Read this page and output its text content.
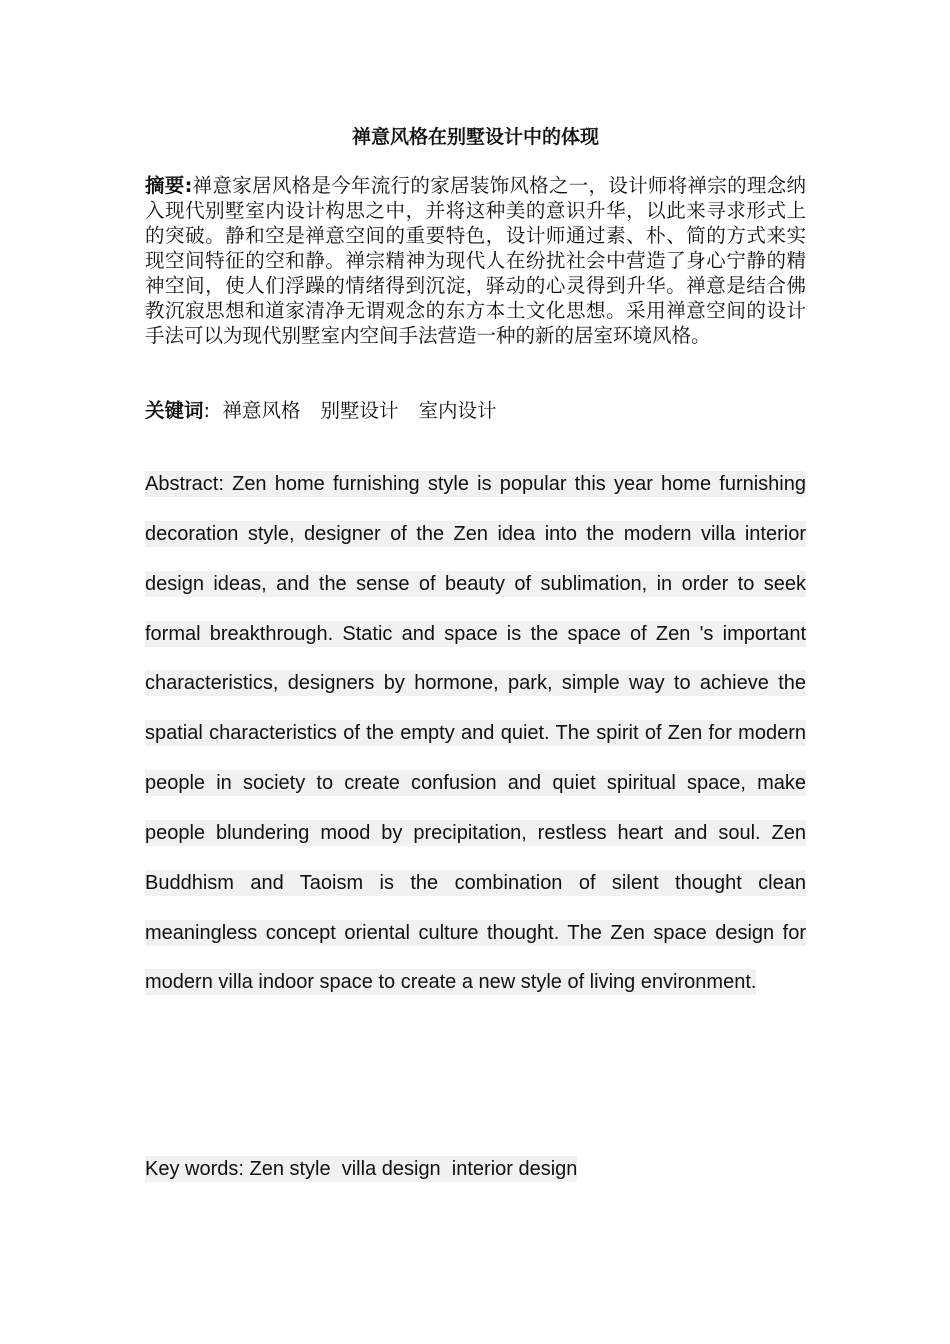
禅意风格在别墅设计中的体现
摘要:禅意家居风格是今年流行的家居装饰风格之一，设计师将禅宗的理念纳入现代别墅室内设计构思之中，并将这种美的意识升华，以此来寻求形式上的突破。静和空是禅意空间的重要特色，设计师通过素、朴、简的方式来实现空间特征的空和静。禅宗精神为现代人在纷扰社会中营造了身心宁静的精神空间，使人们浮躁的情绪得到沉淀，驿动的心灵得到升华。禅意是结合佛教沉寂思想和道家清净无谓观念的东方本土文化思想。采用禅意空间的设计手法可以为现代别墅室内空间手法营造一种的新的居室环境风格。
关键词: 禅意风格 别墅设计 室内设计
Abstract: Zen home furnishing style is popular this year home furnishing decoration style, designer of the Zen idea into the modern villa interior design ideas, and the sense of beauty of sublimation, in order to seek formal breakthrough. Static and space is the space of Zen 's important characteristics, designers by hormone, park, simple way to achieve the spatial characteristics of the empty and quiet. The spirit of Zen for modern people in society to create confusion and quiet spiritual space, make people blundering mood by precipitation, restless heart and soul. Zen Buddhism and Taoism is the combination of silent thought clean meaningless concept oriental culture thought. The Zen space design for modern villa indoor space to create a new style of living environment.
Key words: Zen style  villa design  interior design
